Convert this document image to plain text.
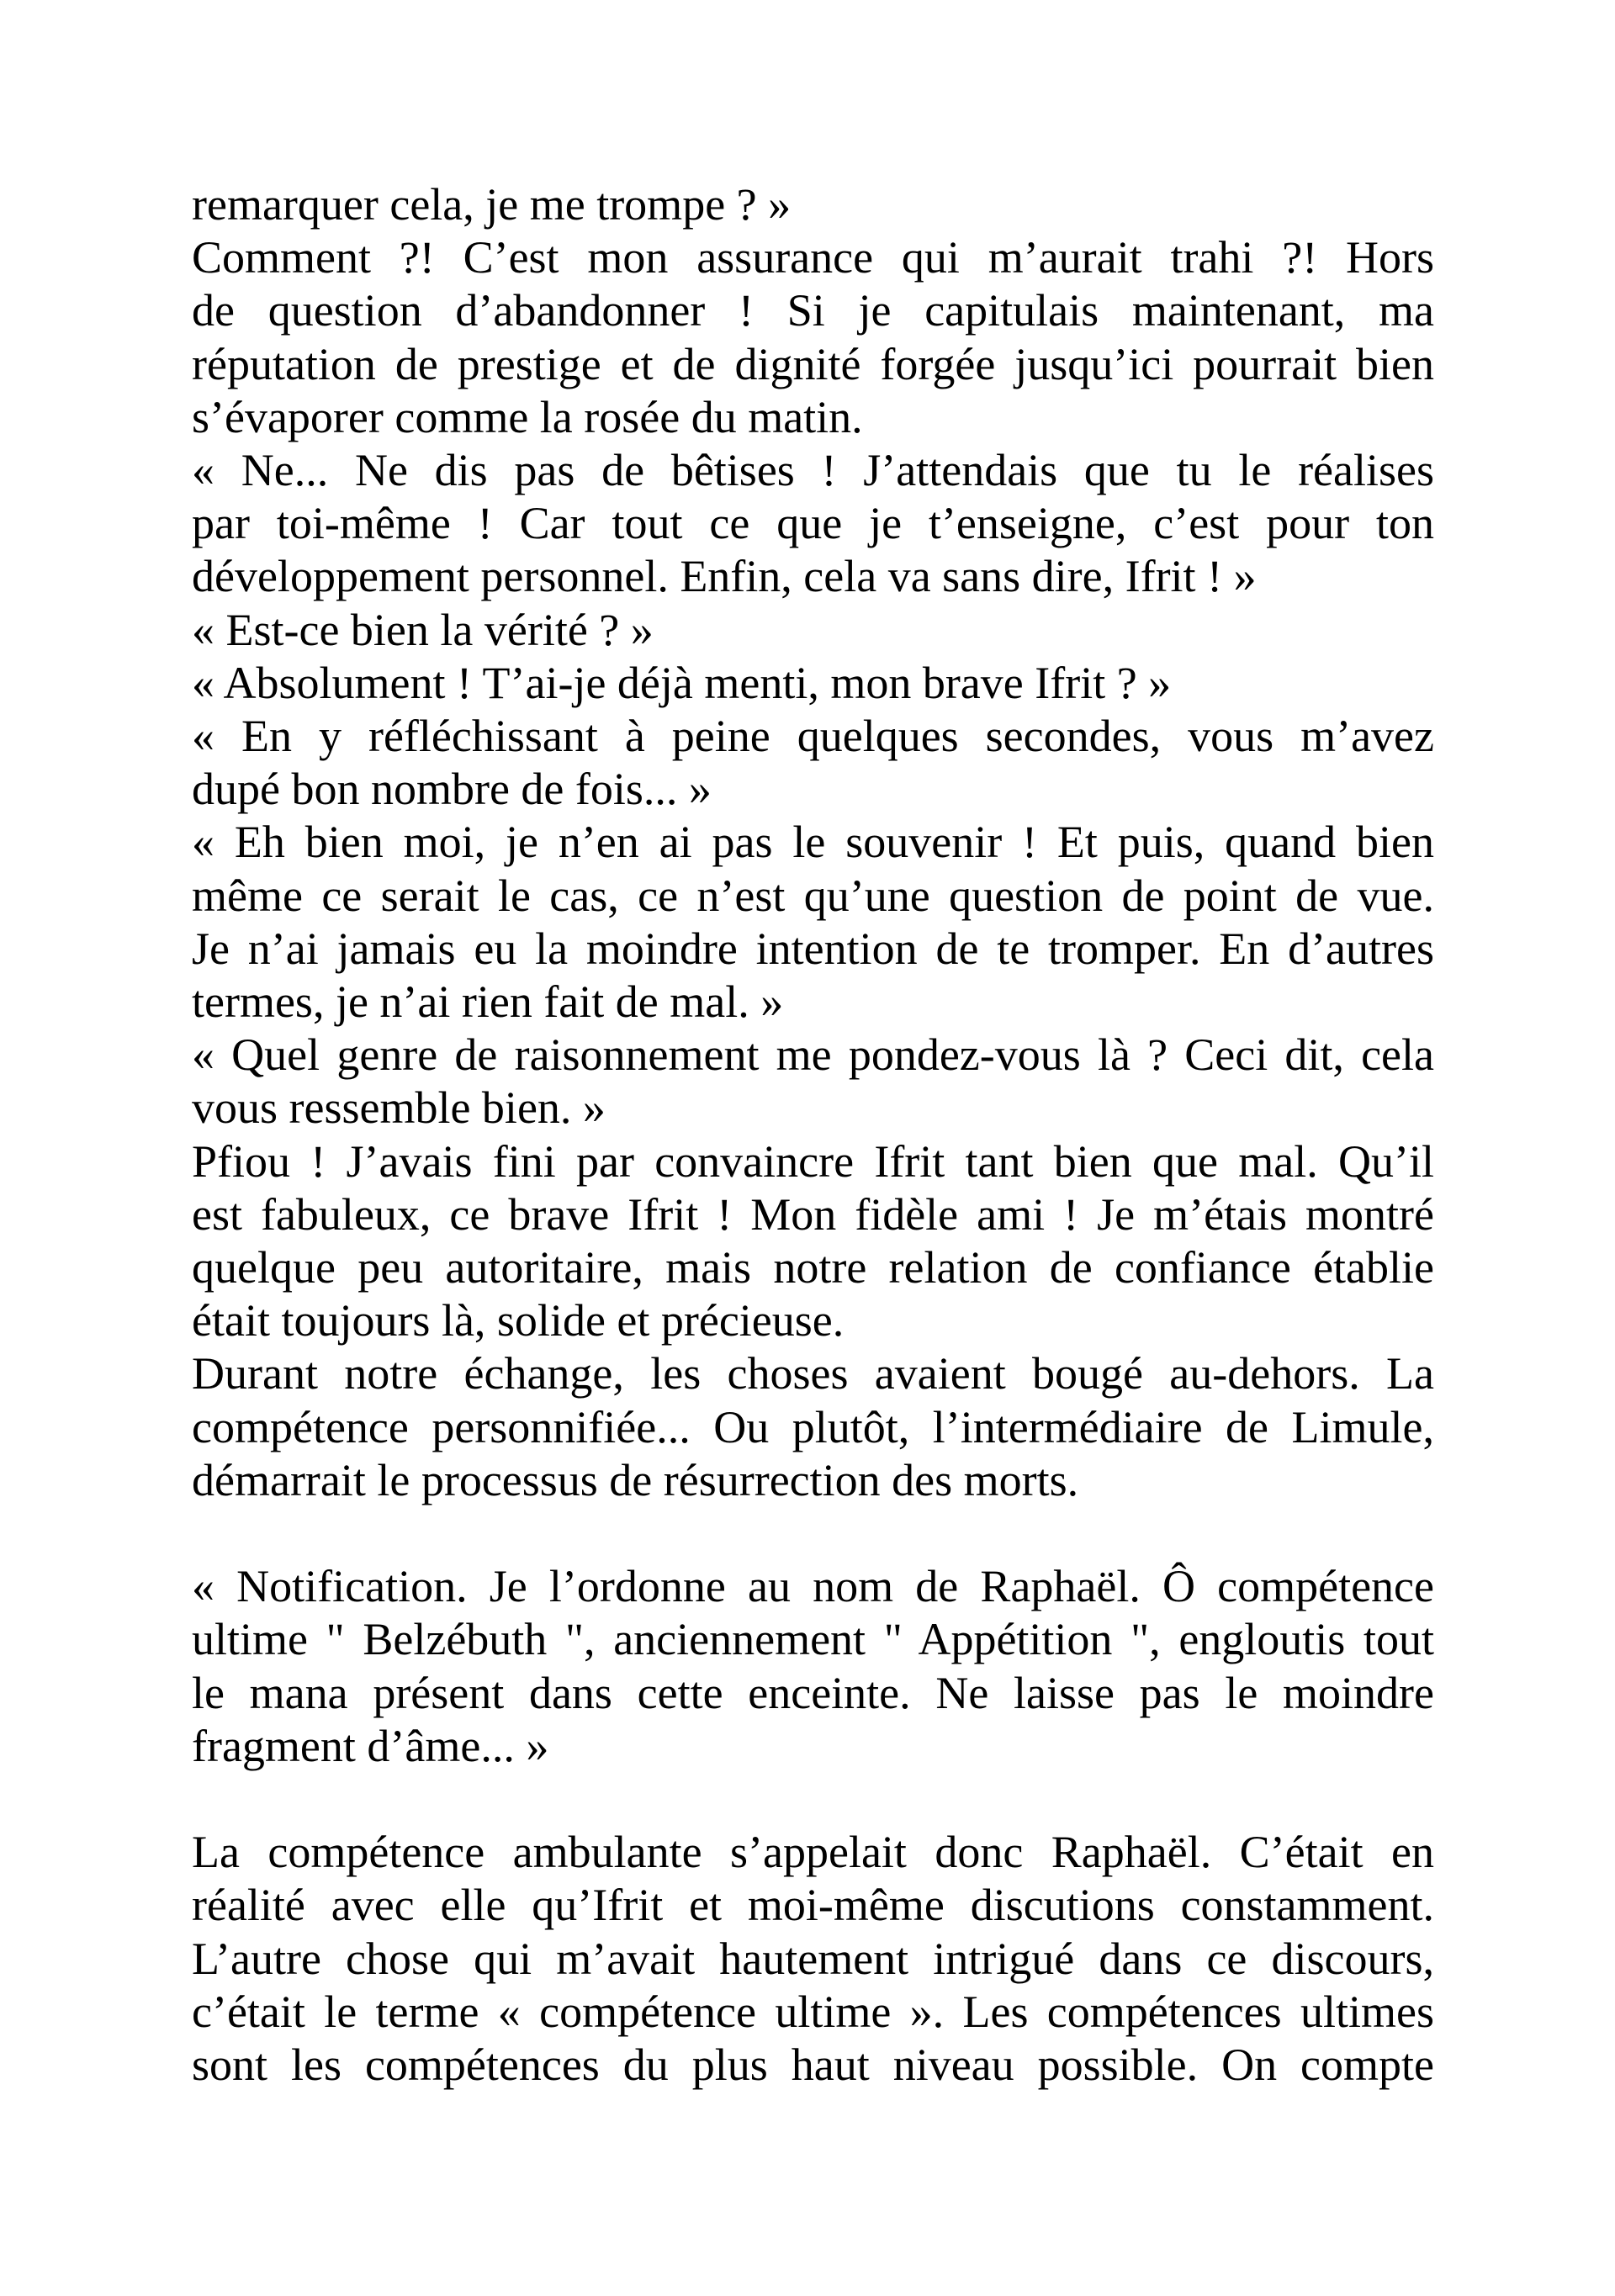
remarquer cela, je me trompe ? »
Comment ?! C’est mon assurance qui m’aurait trahi ?! Hors
de question d’abandonner ! Si je capitulais maintenant, ma
réputation de prestige et de dignité forgée jusqu’ici pourrait bien
s’évaporer comme la rosée du matin.
« Ne... Ne dis pas de bêtises ! J’attendais que tu le réalises
par toi-même ! Car tout ce que je t’enseigne, c’est pour ton
développement personnel. Enfin, cela va sans dire, Ifrit ! »
« Est-ce bien la vérité ? »
« Absolument ! T’ai-je déjà menti, mon brave Ifrit ? »
« En y réfléchissant à peine quelques secondes, vous m’avez
dupé bon nombre de fois... »
« Eh bien moi, je n’en ai pas le souvenir ! Et puis, quand bien
même ce serait le cas, ce n’est qu’une question de point de vue.
Je n’ai jamais eu la moindre intention de te tromper. En d’autres
termes, je n’ai rien fait de mal. »
« Quel genre de raisonnement me pondez-vous là ? Ceci dit, cela
vous ressemble bien. »
Pfiou ! J’avais fini par convaincre Ifrit tant bien que mal. Qu’il
est fabuleux, ce brave Ifrit ! Mon fidèle ami ! Je m’étais montré
quelque peu autoritaire, mais notre relation de confiance établie
était toujours là, solide et précieuse.
Durant notre échange, les choses avaient bougé au-dehors. La
compétence personnifiée... Ou plutôt, l’intermédiaire de Limule,
démarrait le processus de résurrection des morts.

« Notification. Je l’ordonne au nom de Raphaël. Ô compétence
ultime " Belzébuth ", anciennement " Appétition ", engloutis tout
le mana présent dans cette enceinte. Ne laisse pas le moindre
fragment d’âme... »

La compétence ambulante s’appelait donc Raphaël. C’était en
réalité avec elle qu’Ifrit et moi-même discutions constamment.
L’autre chose qui m’avait hautement intrigué dans ce discours,
c’était le terme « compétence ultime ». Les compétences ultimes
sont les compétences du plus haut niveau possible. On compte
